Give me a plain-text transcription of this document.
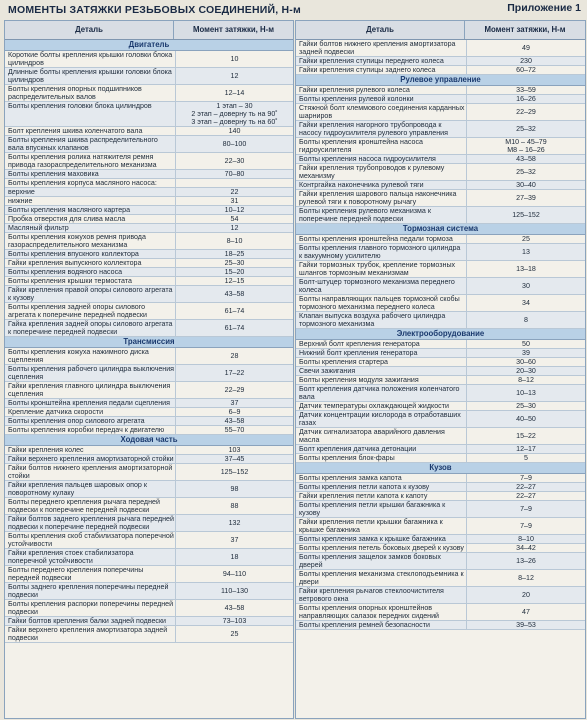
МОМЕНТЫ ЗАТЯЖКИ РЕЗЬБОВЫХ СОЕДИНЕНИЙ, Н-м	Приложение 1
Деталь	Момент затяжки, Н-м
Двигатель
Короткие болты крепления крышки головки блока цилиндров	10
Длинные болты крепления крышки головки блока цилиндров	12
Болты крепления опорных подшипников распределительных валов	12–14
Болты крепления головки блока цилиндров	1 этап – 30
2 этап – доверну ть на 90˚
3 этап – доверну ть на 60˚
Болт крепления шкива коленчатого вала	140
Болты крепления шкива распределительного вала впускных клапанов	80–100
Болты крепления ролика натяжителя ремня привода газораспределительного механизма	22–30
Болты крепления маховика	70–80
Болты крепления корпуса масляного насоса:
верхние	22
нижние	31
Болты крепления масляного картера	10–12
Пробка отверстия для слива масла	54
Масляный фильтр	12
Болты крепления кожухов ремня привода газораспределительного механизма	8–10
Болты крепления впускного коллектора	18–25
Гайки крепления выпускного коллектора	25–30
Болты крепления водяного насоса	15–20
Болты крепления крышки термостата	12–15
Гайки крепления правой опоры силового агрегата к кузову	43–58
Болты крепления задней опоры силового агрегата к поперечине передней подвески	61–74
Гайка крепления задней опоры силового агрегата к поперечине передней подвески	61–74
Трансмиссия
Болты крепления кожуха нажимного диска сцепления	28
Болты крепления рабочего цилиндра выключения сцепления	17–22
Гайки крепления главного цилиндра выключения сцепления	22–29
Болты кронштейна крепления педали сцепления	37
Крепление датчика скорости	6–9
Болты крепления опор силового агрегата	43–58
Болты крепления коробки передач к двигателю	55–70
Ходовая часть
Гайки крепления колес	103
Гайки верхнего крепления амортизаторной стойки	37–45
Гайки болтов нижнего крепления амортизаторной стойки	125–152
Гайки крепления пальцев шаровых опор к поворотному кулаку	98
Болты переднего крепления рычага передней подвески к поперечине передней подвески	88
Гайки болтов заднего крепления рычага передней подвески к поперечине передней подвески	132
Болты крепления скоб стабилизатора поперечной устойчивости	37
Гайки крепления стоек стабилизатора поперечной устойчивости	18
Болты переднего крепления поперечины передней подвески	94–110
Болты заднего крепления поперечины передней подвески	110–130
Болты крепления распорки поперечины передней подвески	43–58
Гайки болтов крепления балки задней подвески	73–103
Гайки верхнего крепления амортизатора задней подвески	25
Деталь	Момент затяжки, Н-м
Гайки болтов нижнего крепления амортизатора задней подвески	49
Гайки крепления ступицы переднего колеса	230
Гайки крепления ступицы заднего колеса	60–72
Рулевое управление
Гайки крепления рулевого колеса	33–59
Болты крепления рулевой колонки	16–26
Стяжной болт клеммового соединения карданных шарниров	22–29
Гайки крепления нагорного трубопровода к насосу гидроусилителя рулевого управления	25–32
Болты крепления кронштейна насоса гидроусилителя
M10 – 45–79
M8 – 16–26
Болты крепления насоса гидроусилителя	43–58
Гайки крепления трубопроводов к рулевому механизму	25–32
Контргайка наконечника рулевой тяги	30–40
Гайки крепления шарового пальца наконечника рулевой тяги к поворотному рычагу	27–39
Болты крепления рулевого механизма к поперечине передней подвески	125–152
Тормозная система
Болты крепления кронштейна педали тормоза	25
Болты крепления главного тормозного цилиндра к вакуумному усилителю	13
Гайки тормозных трубок, крепление тормозных шлангов тормозным механизмам	13–18
Болт-штуцер тормозного механизма переднего колеса	30
Болты направляющих пальцев тормозной скобы тормозного механизма переднего колеса	34
Клапан выпуска воздуха рабочего цилиндра тормозного механизма	8
Электрооборудование
Верхний болт крепления генератора	50
Нижний болт крепления генератора	39
Болты крепления стартера	30–60
Свечи зажигания	20–30
Болты крепления модуля зажигания	8–12
Болт крепления датчика положения коленчатого вала	10–13
Датчик температуры охлаждающей жидкости	25–30
Датчик концентрации кислорода в отработавших газах	40–50
Датчик сигнализатора аварийного давления масла	15–22
Болт крепления датчика детонации	12–17
Болты крепления блок-фары	5
Кузов
Болты крепления замка капота	7–9
Болты крепления петли капота к кузову	22–27
Гайки крепления петли капота к капоту	22–27
Болты крепления петли крышки багажника к кузову	7–9
Гайки крепления петли крышки багажника к крышке багажника	7–9
Болты крепления замка к крышке багажника	8–10
Болты крепления петель боковых дверей к кузову	34–42
Болты крепления защелок замков боковых дверей	13–26
Болты крепления механизма стеклоподъемника к двери	8–12
Гайки крепления рычагов стеклоочистителя ветрового окна	20
Болты крепления опорных кронштейнов направляющих салазок передних сидений	47
Болты крепления ремней безопасности	39–53
